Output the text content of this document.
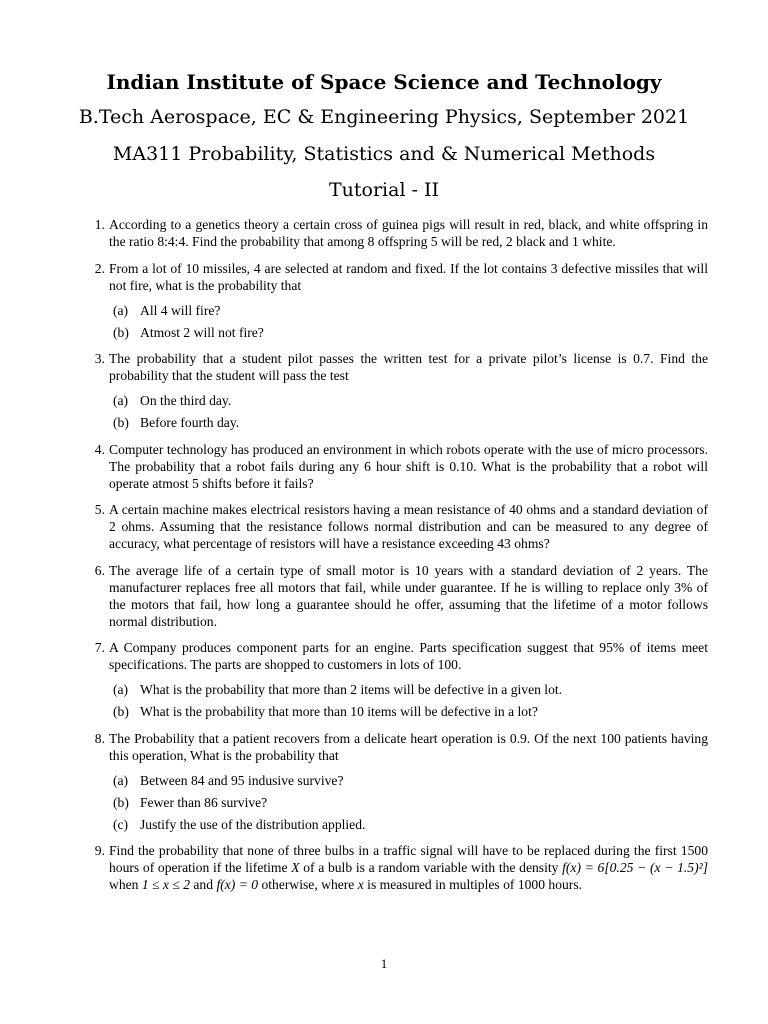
Indian Institute of Space Science and Technology
B.Tech Aerospace, EC & Engineering Physics, September 2021
MA311 Probability, Statistics and & Numerical Methods
Tutorial - II
1. According to a genetics theory a certain cross of guinea pigs will result in red, black, and white offspring in the ratio 8:4:4. Find the probability that among 8 offspring 5 will be red, 2 black and 1 white.
2. From a lot of 10 missiles, 4 are selected at random and fixed. If the lot contains 3 defective missiles that will not fire, what is the probability that
(a) All 4 will fire?
(b) Atmost 2 will not fire?
3. The probability that a student pilot passes the written test for a private pilot’s license is 0.7. Find the probability that the student will pass the test
(a) On the third day.
(b) Before fourth day.
4. Computer technology has produced an environment in which robots operate with the use of micro processors. The probability that a robot fails during any 6 hour shift is 0.10. What is the probability that a robot will operate atmost 5 shifts before it fails?
5. A certain machine makes electrical resistors having a mean resistance of 40 ohms and a standard deviation of 2 ohms. Assuming that the resistance follows normal distribution and can be measured to any degree of accuracy, what percentage of resistors will have a resistance exceeding 43 ohms?
6. The average life of a certain type of small motor is 10 years with a standard deviation of 2 years. The manufacturer replaces free all motors that fail, while under guarantee. If he is willing to replace only 3% of the motors that fail, how long a guarantee should he offer, assuming that the lifetime of a motor follows normal distribution.
7. A Company produces component parts for an engine. Parts specification suggest that 95% of items meet specifications. The parts are shopped to customers in lots of 100.
(a) What is the probability that more than 2 items will be defective in a given lot.
(b) What is the probability that more than 10 items will be defective in a lot?
8. The Probability that a patient recovers from a delicate heart operation is 0.9. Of the next 100 patients having this operation, What is the probability that
(a) Between 84 and 95 indusive survive?
(b) Fewer than 86 survive?
(c) Justify the use of the distribution applied.
9. Find the probability that none of three bulbs in a traffic signal will have to be replaced during the first 1500 hours of operation if the lifetime X of a bulb is a random variable with the density f(x) = 6[0.25 − (x − 1.5)²] when 1 ≤ x ≤ 2 and f(x) = 0 otherwise, where x is measured in multiples of 1000 hours.
1
